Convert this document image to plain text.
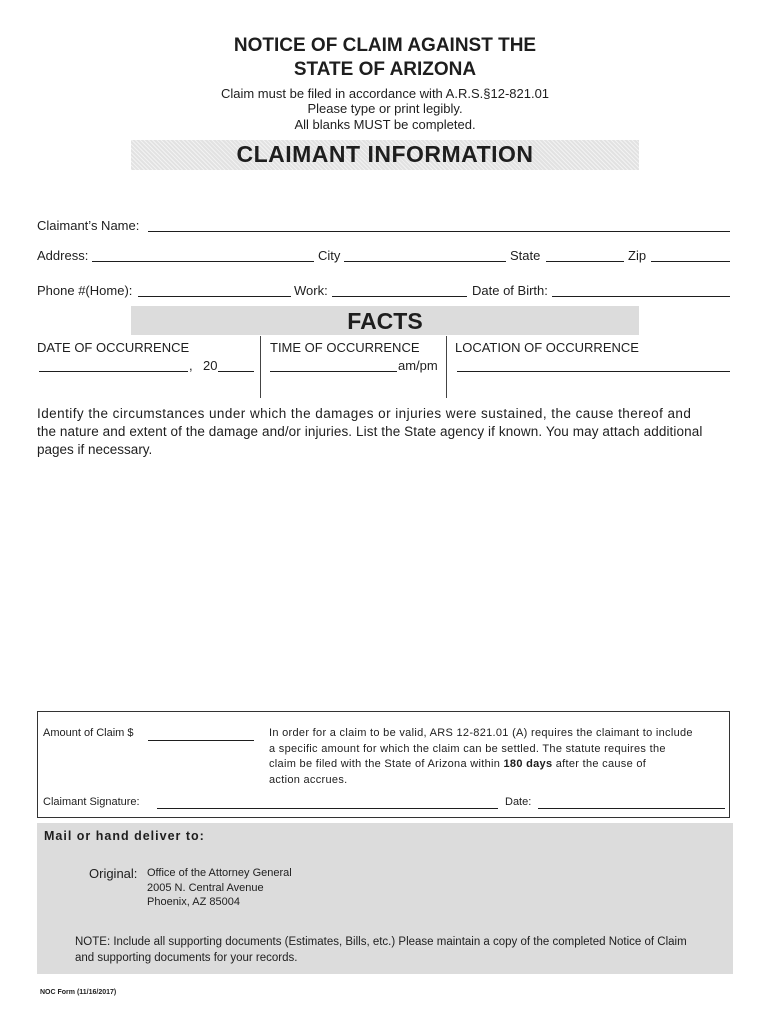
NOTICE OF CLAIM AGAINST THE
STATE OF ARIZONA
Claim must be filed in accordance with A.R.S.§12-821.01
Please type or print legibly.
All blanks MUST be completed.
CLAIMANT INFORMATION
Claimant’s Name:
Address:	City	State	Zip
Phone #(Home):	Work:	Date of Birth:
FACTS
DATE OF OCCURRENCE	TIME OF OCCURRENCE	LOCATION OF OCCURRENCE
, 20	am/pm
Identify the circumstances under which the damages or injuries were sustained, the cause thereof and
the nature and extent of the damage and/or injuries. List the State agency if known. You may attach additional
pages if necessary.
Amount of Claim $	In order for a claim to be valid, ARS 12-821.01 (A) requires the claimant to include
a specific amount for which the claim can be settled. The statute requires the
claim be filed with the State of Arizona within 180 days after the cause of
action accrues.
Claimant Signature:	Date:
Mail or hand deliver to:
Original: Office of the Attorney General
2005 N. Central Avenue
Phoenix, AZ 85004
NOTE: Include all supporting documents (Estimates, Bills, etc.) Please maintain a copy of the completed Notice of Claim
and supporting documents for your records.
NOC Form (11/16/2017)
